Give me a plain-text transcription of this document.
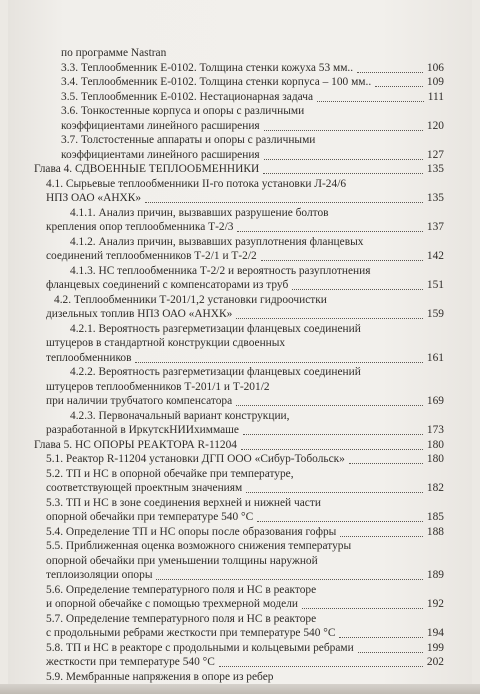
по программе Nastran
3.3. Теплообменник Е-0102. Толщина стенки кожуха 53 мм..	106
3.4. Теплообменник Е-0102. Толщина стенки корпуса – 100 мм..	109
3.5. Теплообменник Е-0102. Нестационарная задача	111
3.6. Тонкостенные корпуса и опоры с различными
коэффициентами линейного расширения	120
3.7. Толстостенные аппараты и опоры с различными
коэффициентами линейного расширения	127
Глава 4. СДВОЕННЫЕ ТЕПЛООБМЕННИКИ	135
4.1. Сырьевые теплообменники II-го потока установки Л-24/6
НПЗ ОАО «АНХК»	135
4.1.1. Анализ причин, вызвавших разрушение болтов
крепления опор теплообменника Т-2/3	137
4.1.2. Анализ причин, вызвавших разуплотнения фланцевых
соединений теплообменников Т-2/1 и Т-2/2	142
4.1.3. НС теплообменника Т-2/2 и вероятность разуплотнения
фланцевых соединений с компенсаторами из труб	151
4.2. Теплообменники Т-201/1,2 установки гидроочистки
дизельных топлив НПЗ ОАО «АНХК»	159
4.2.1. Вероятность разгерметизации фланцевых соединений
штуцеров в стандартной конструкции сдвоенных
теплообменников	161
4.2.2. Вероятность разгерметизации фланцевых соединений
штуцеров теплообменников Т-201/1 и Т-201/2
при наличии трубчатого компенсатора	169
4.2.3. Первоначальный вариант конструкции,
разработанной в ИркутскНИИхиммаше	173
Глава 5. НС ОПОРЫ РЕАКТОРА R-11204	180
5.1. Реактор R-11204 установки ДГП ООО «Сибур-Тобольск»	180
5.2. ТП и НС в опорной обечайке при температуре,
соответствующей проектным значениям	182
5.3. ТП и НС в зоне соединения верхней и нижней части
опорной обечайки при температуре 540 °С	185
5.4. Определение ТП и НС опоры после образования гофры	188
5.5. Приближенная оценка возможного снижения температуры
опорной обечайки при уменьшении толщины наружной
теплоизоляции опоры	189
5.6. Определение температурного поля и НС в реакторе
и опорной обечайке с помощью трехмерной модели	192
5.7. Определение температурного поля и НС в реакторе
с продольными ребрами жесткости при температуре 540 °С	194
5.8. ТП и НС в реакторе с продольными и кольцевыми ребрами	199
жесткости при температуре 540 °С	202
5.9. Мембранные напряжения в опоре из ребер
